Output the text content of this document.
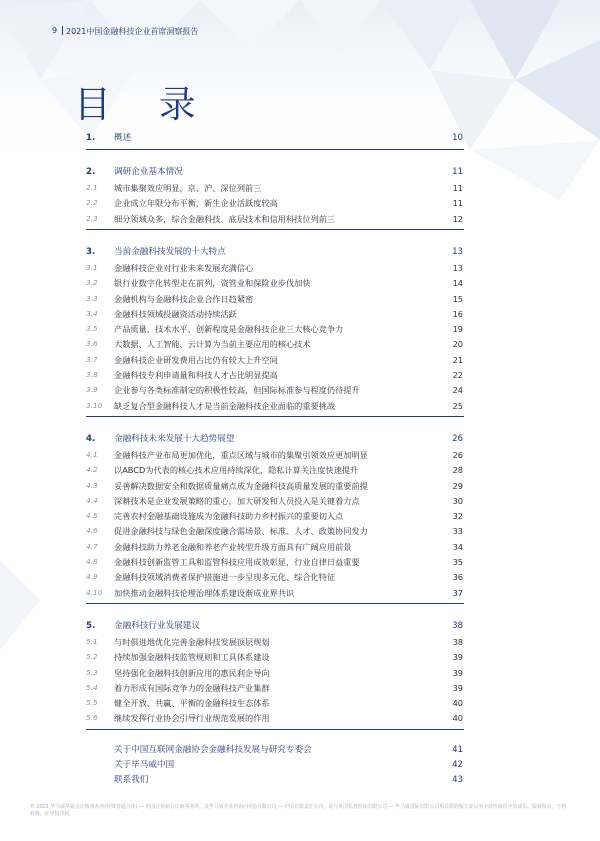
9 2021中国金融科技企业首席洞察报告
目 录
1. 概述	10
2. 调研企业基本情况	11
2.1 城市集聚效应明显，京、沪、深位列前三	11
2.2 企业成立年限分布平衡，新生企业活跃度较高	11
2.3 细分领域众多，综合金融科技、底层技术和信用科技位列前三	12
3. 当前金融科技发展的十大特点	13
3.1 金融科技企业对行业未来发展充满信心	13
3.2 银行业数字化转型走在前列，资管业和保险业步伐加快	14
3.3 金融机构与金融科技企业合作日趋紧密	15
3.4 金融科技领域投融资活动持续活跃	16
3.5 产品质量、技术水平、创新程度是金融科技企业三大核心竞争力	19
3.6 大数据、人工智能、云计算为当前主要应用的核心技术	20
3.7 金融科技企业研发费用占比仍有较大上升空间	21
3.8 金融科技专利申请量和科技人才占比明显提高	22
3.9 企业参与各类标准制定的积极性较高，但国际标准参与程度仍待提升	24
3.10 缺乏复合型金融科技人才是当前金融科技企业面临的重要挑战	25
4. 金融科技未来发展十大趋势展望	26
4.1 金融科技产业布局更加优化，重点区域与城市的集聚引领效应更加明显	26
4.2 以ABCD为代表的核心技术应用持续深化，隐私计算关注度快速提升	28
4.3 妥善解决数据安全和数据质量痛点成为金融科技高质量发展的重要前提	29
4.4 深耕技术是企业发展策略的重心，加大研发和人员投入是关键着力点	30
4.5 完善农村金融基础设施成为金融科技助力乡村振兴的重要切入点	32
4.6 促进金融科技与绿色金融深度融合需场景、标准、人才、政策协同发力	33
4.7 金融科技助力养老金融和养老产业转型升级方面具有广阔应用前景	34
4.8 金融科技创新监管工具和监管科技应用成效彰显，行业自律日益重要	35
4.9 金融科技领域消费者保护措施进一步呈现多元化、综合化特征	36
4.10 加快推动金融科技伦理治理体系建设渐成业界共识	37
5. 金融科技行业发展建议	38
5.1 与时俱进地优化完善金融科技发展顶层规划	38
5.2 持续加强金融科技监管规则和工具体系建设	39
5.3 坚持强化金融科技创新应用的惠民利企导向	39
5.4 着力形成有国际竞争力的金融科技产业集群	39
5.5 健全开放、共赢、平衡的金融科技生态体系	40
5.6 继续发挥行业协会引导行业规范发展的作用	40
关于中国互联网金融协会金融科技发展与研究专委会	41
关于毕马威中国	42
联系我们	43
© 2021 毕马威华振会计师事务所(特殊普通合伙) — 中国合伙制会计师事务所，及毕马威企业咨询(中国)有限公司 — 中国有限责任公司，是与英国私营担保有限公司 — 毕马威国际有限公司相关联的独立成员所全球性组织中的成员。版权所有，不得转载。在中国印制。
